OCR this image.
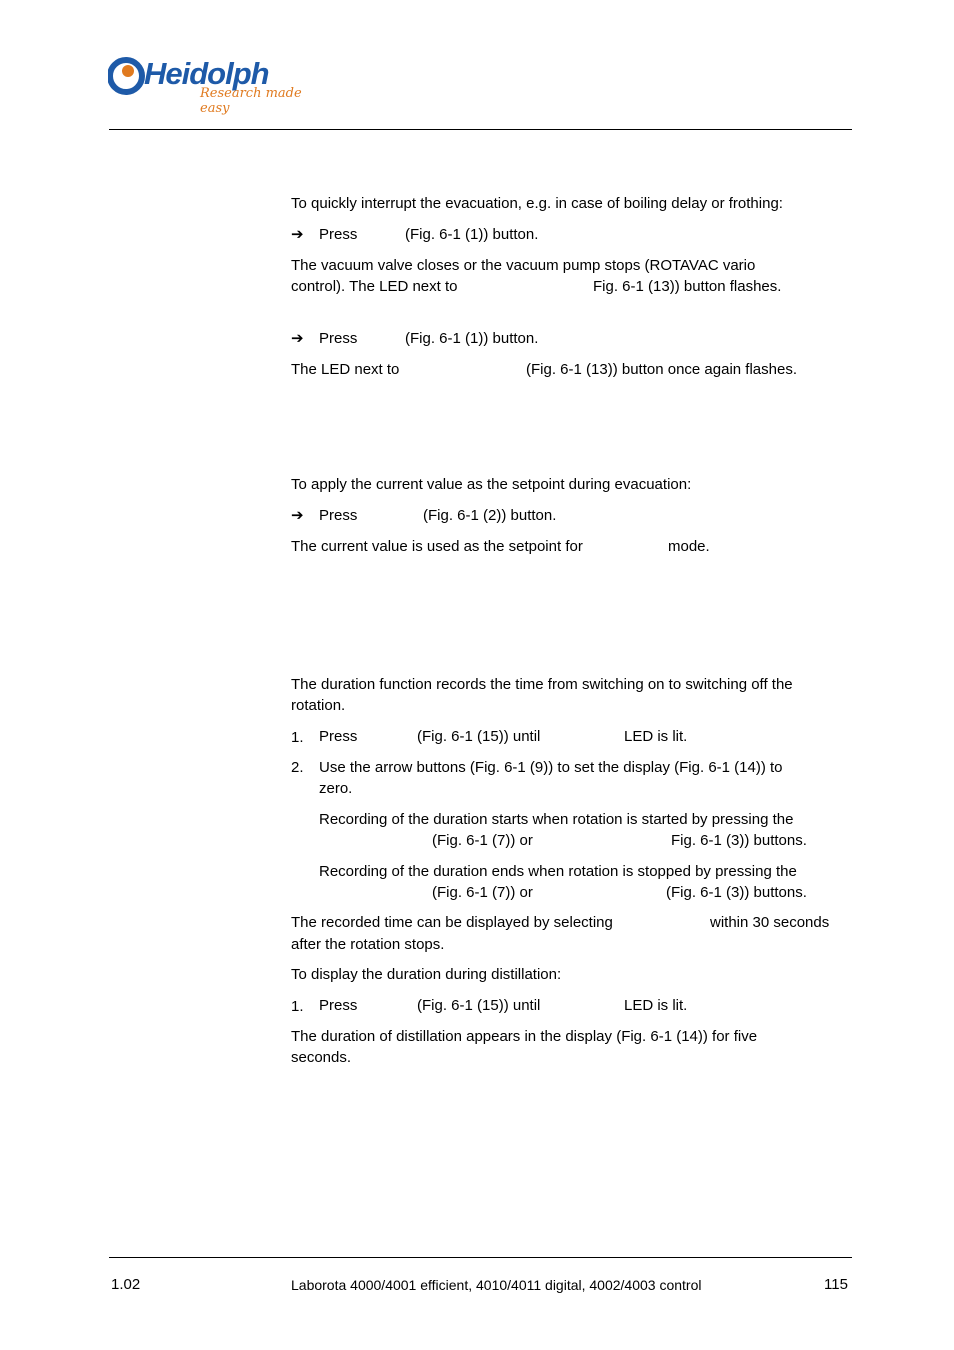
Heidolph
Research made easy
To quickly interrupt the evacuation, e.g. in case of boiling delay or frothing:
➔ Press	(Fig. 6-1 (1)) button.
The vacuum valve closes or the vacuum pump stops (ROTAVAC vario
control). The LED next to	Fig. 6-1 (13)) button flashes.
➔ Press	(Fig. 6-1 (1)) button.
The LED next to	(Fig. 6-1 (13)) button once again flashes.
To apply the current value as the setpoint during evacuation:
➔ Press	(Fig. 6-1 (2)) button.
The current value is used as the setpoint for	mode.
The duration function records the time from switching on to switching off the
rotation.
1. Press	(Fig. 6-1 (15)) until	LED is lit.
2. Use the arrow buttons (Fig. 6-1 (9)) to set the display (Fig. 6-1 (14)) to
zero.
Recording of the duration starts when rotation is started by pressing the
(Fig. 6-1 (7)) or	Fig. 6-1 (3)) buttons.
Recording of the duration ends when rotation is stopped by pressing the
(Fig. 6-1 (7)) or	(Fig. 6-1 (3)) buttons.
The recorded time can be displayed by selecting	within 30 seconds
after the rotation stops.
To display the duration during distillation:
1. Press	(Fig. 6-1 (15)) until	LED is lit.
The duration of distillation appears in the display (Fig. 6-1 (14)) for five
seconds.
1.02	Laborota 4000/4001 efficient, 4010/4011 digital, 4002/4003 control	115
